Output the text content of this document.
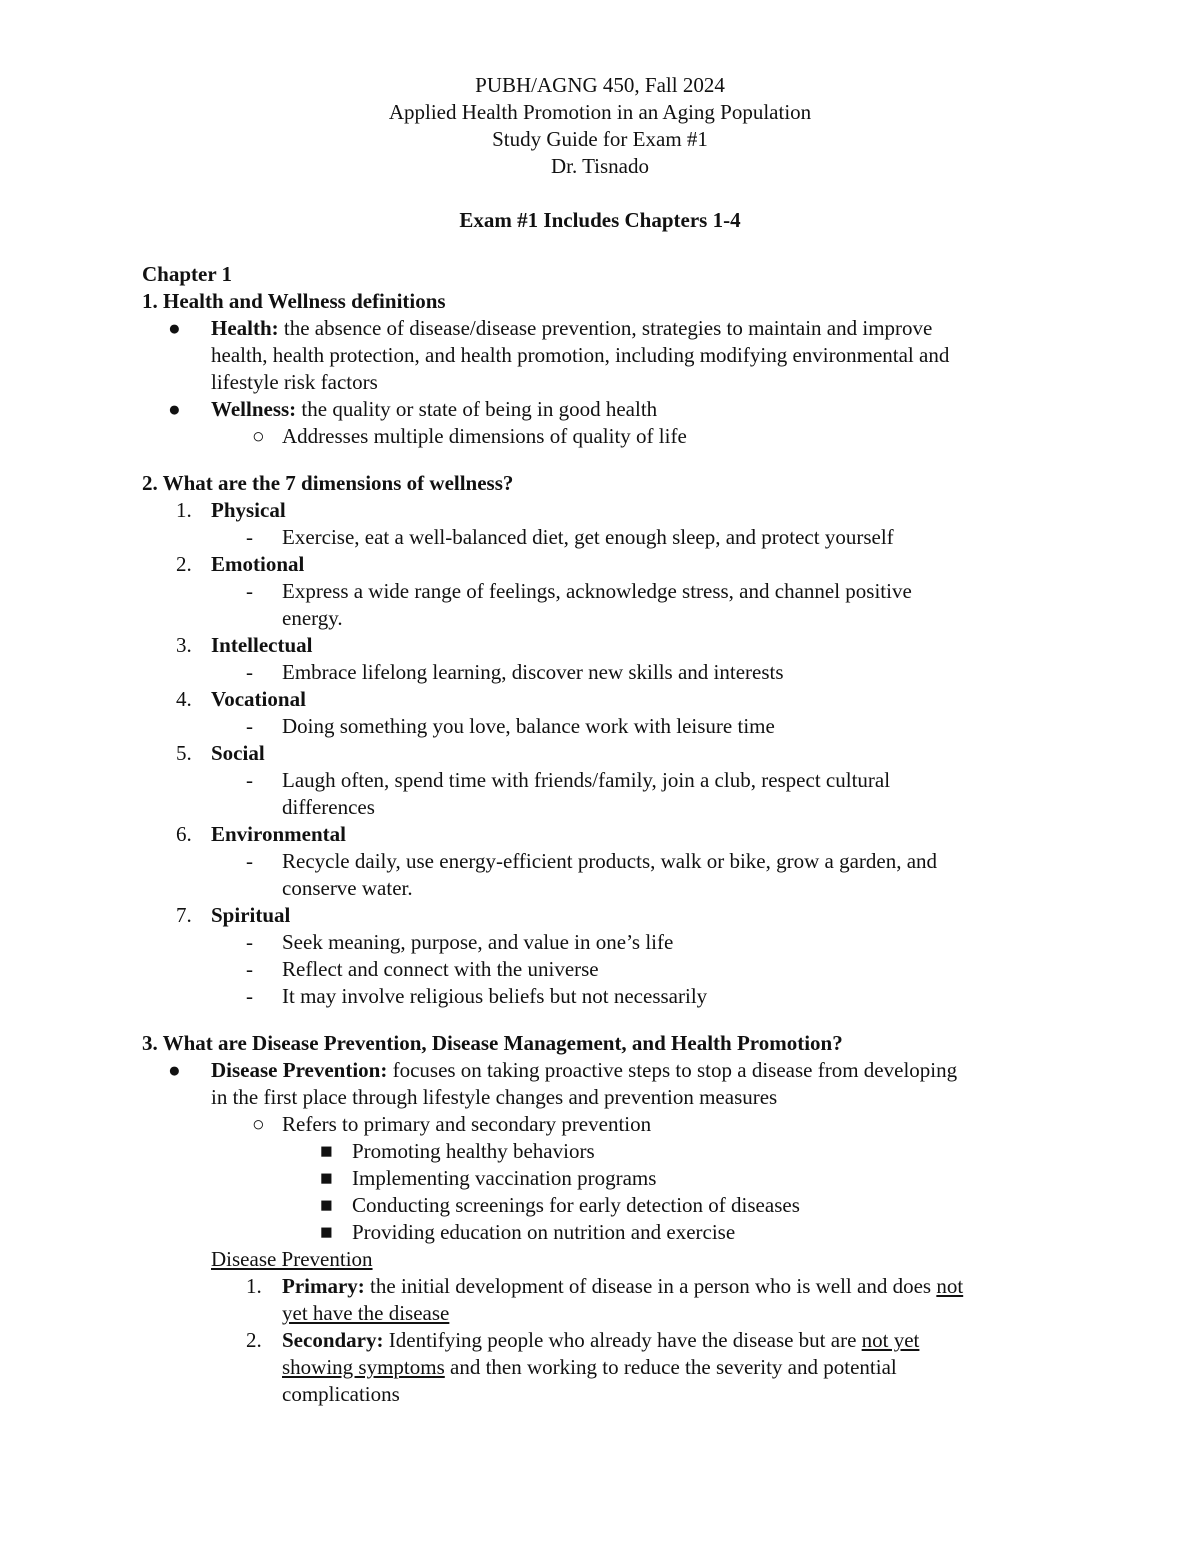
PUBH/AGNG 450, Fall 2024
Applied Health Promotion in an Aging Population
Study Guide for Exam #1
Dr. Tisnado
Exam #1 Includes Chapters 1-4
Chapter 1
1. Health and Wellness definitions
● Health: the absence of disease/disease prevention, strategies to maintain and improve
health, health protection, and health promotion, including modifying environmental and
lifestyle risk factors
● Wellness: the quality or state of being in good health
○ Addresses multiple dimensions of quality of life
2. What are the 7 dimensions of wellness?
1. Physical
- Exercise, eat a well-balanced diet, get enough sleep, and protect yourself
2. Emotional
- Express a wide range of feelings, acknowledge stress, and channel positive
energy.
3. Intellectual
- Embrace lifelong learning, discover new skills and interests
4. Vocational
- Doing something you love, balance work with leisure time
5. Social
- Laugh often, spend time with friends/family, join a club, respect cultural
differences
6. Environmental
- Recycle daily, use energy-efficient products, walk or bike, grow a garden, and
conserve water.
7. Spiritual
- Seek meaning, purpose, and value in one’s life
- Reflect and connect with the universe
- It may involve religious beliefs but not necessarily
3. What are Disease Prevention, Disease Management, and Health Promotion?
● Disease Prevention: focuses on taking proactive steps to stop a disease from developing
in the first place through lifestyle changes and prevention measures
○ Refers to primary and secondary prevention
■ Promoting healthy behaviors
■ Implementing vaccination programs
■ Conducting screenings for early detection of diseases
■ Providing education on nutrition and exercise
Disease Prevention
1. Primary: the initial development of disease in a person who is well and does not
yet have the disease
2. Secondary: Identifying people who already have the disease but are not yet
showing symptoms and then working to reduce the severity and potential
complications
